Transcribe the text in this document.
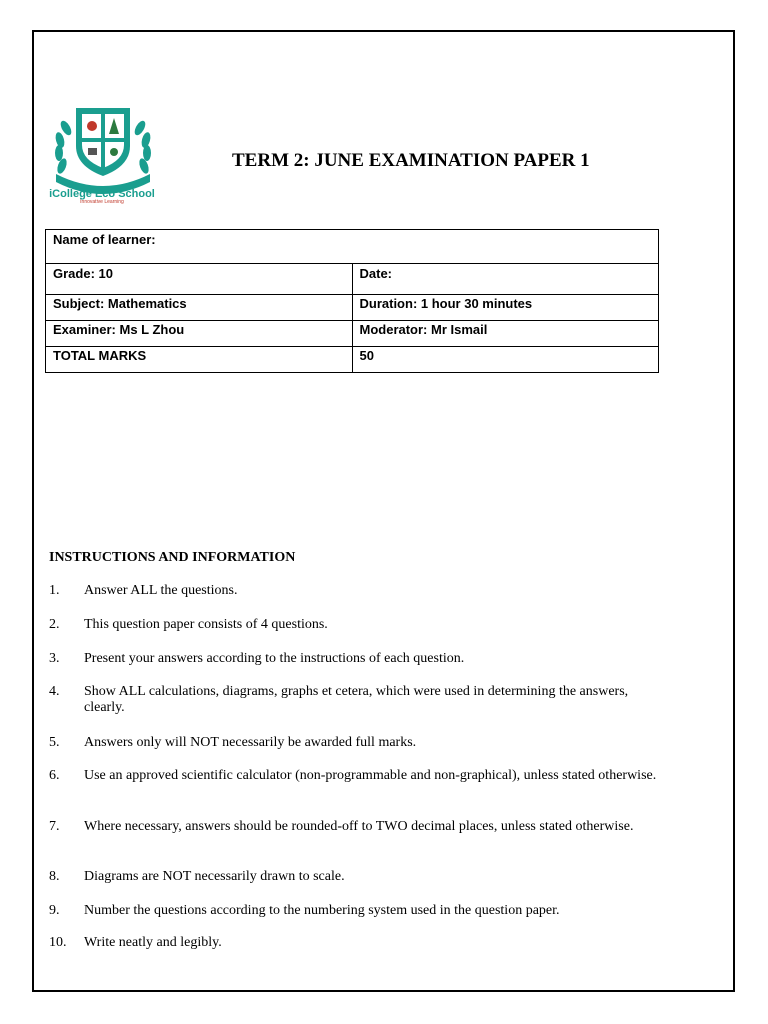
iCollege Eco School
Innovative Learning
TERM 2: JUNE EXAMINATION PAPER 1
Name of learner:	
Grade: 10	Date:
Subject: Mathematics	Duration: 1 hour 30 minutes
Examiner: Ms L Zhou	Moderator: Mr Ismail
TOTAL MARKS	50
INSTRUCTIONS AND INFORMATION
1.	Answer ALL the questions.
2.	This question paper consists of 4 questions.
3.	Present your answers according to the instructions of each question.
4.	Show ALL calculations, diagrams, graphs et cetera, which were used in determining the answers, clearly.
5.	Answers only will NOT necessarily be awarded full marks.
6.	Use an approved scientific calculator (non-programmable and non-graphical), unless stated otherwise.
7.	Where necessary, answers should be rounded-off to TWO decimal places, unless stated otherwise.
8.	Diagrams are NOT necessarily drawn to scale.
9.	Number the questions according to the numbering system used in the question paper.
10.	Write neatly and legibly.
